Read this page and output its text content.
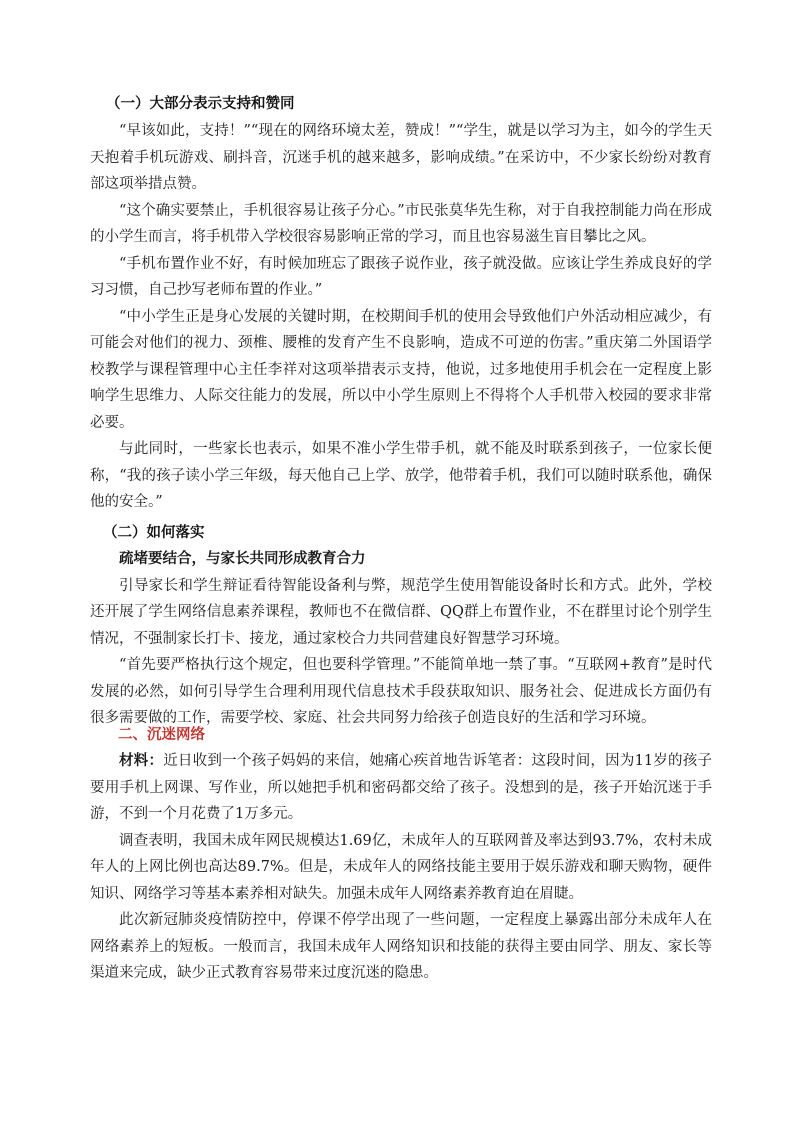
（一）大部分表示支持和赞同

“早该如此，支持！”“现在的网络环境太差，赞成！”“学生，就是以学习为主，如今的学生天天抱着手机玩游戏、刷抖音，沉迷手机的越来越多，影响成绩。”在采访中，不少家长纷纷对教育部这项举措点赞。

“这个确实要禁止，手机很容易让孩子分心。”市民张莫华先生称，对于自我控制能力尚在形成的小学生而言，将手机带入学校很容易影响正常的学习，而且也容易滋生盲目攀比之风。

“手机布置作业不好，有时候加班忘了跟孩子说作业，孩子就没做。应该让学生养成良好的学习习惯，自己抄写老师布置的作业。”

“中小学生正是身心发展的关键时期，在校期间手机的使用会导致他们户外活动相应减少，有可能会对他们的视力、颈椎、腰椎的发育产生不良影响，造成不可逆的伤害。”重庆第二外国语学校教学与课程管理中心主任李祥对这项举措表示支持，他说，过多地使用手机会在一定程度上影响学生思维力、人际交往能力的发展，所以中小学生原则上不得将个人手机带入校园的要求非常必要。

与此同时，一些家长也表示，如果不准小学生带手机，就不能及时联系到孩子，一位家长便称，“我的孩子读小学三年级，每天他自己上学、放学，他带着手机，我们可以随时联系他，确保他的安全。”

（二）如何落实

疏堵要结合，与家长共同形成教育合力

引导家长和学生辩证看待智能设备利与弊，规范学生使用智能设备时长和方式。此外，学校还开展了学生网络信息素养课程，教师也不在微信群、QQ群上布置作业，不在群里讨论个别学生情况，不强制家长打卡、接龙，通过家校合力共同营建良好智慧学习环境。

“首先要严格执行这个规定，但也要科学管理。”不能简单地一禁了事。“互联网+教育”是时代发展的必然，如何引导学生合理利用现代信息技术手段获取知识、服务社会、促进成长方面仍有很多需要做的工作，需要学校、家庭、社会共同努力给孩子创造良好的生活和学习环境。

二、沉迷网络

材料：近日收到一个孩子妈妈的来信，她痛心疾首地告诉笔者：这段时间，因为11岁的孩子要用手机上网课、写作业，所以她把手机和密码都交给了孩子。没想到的是，孩子开始沉迷于手游，不到一个月花费了1万多元。

调查表明，我国未成年网民规模达1.69亿，未成年人的互联网普及率达到93.7%，农村未成年人的上网比例也高达89.7%。但是，未成年人的网络技能主要用于娱乐游戏和聊天购物，硬件知识、网络学习等基本素养相对缺失。加强未成年人网络素养教育迫在眉睫。

此次新冠肺炎疫情防控中，停课不停学出现了一些问题，一定程度上暴露出部分未成年人在网络素养上的短板。一般而言，我国未成年人网络知识和技能的获得主要由同学、朋友、家长等渠道来完成，缺少正式教育容易带来过度沉迷的隐患。
